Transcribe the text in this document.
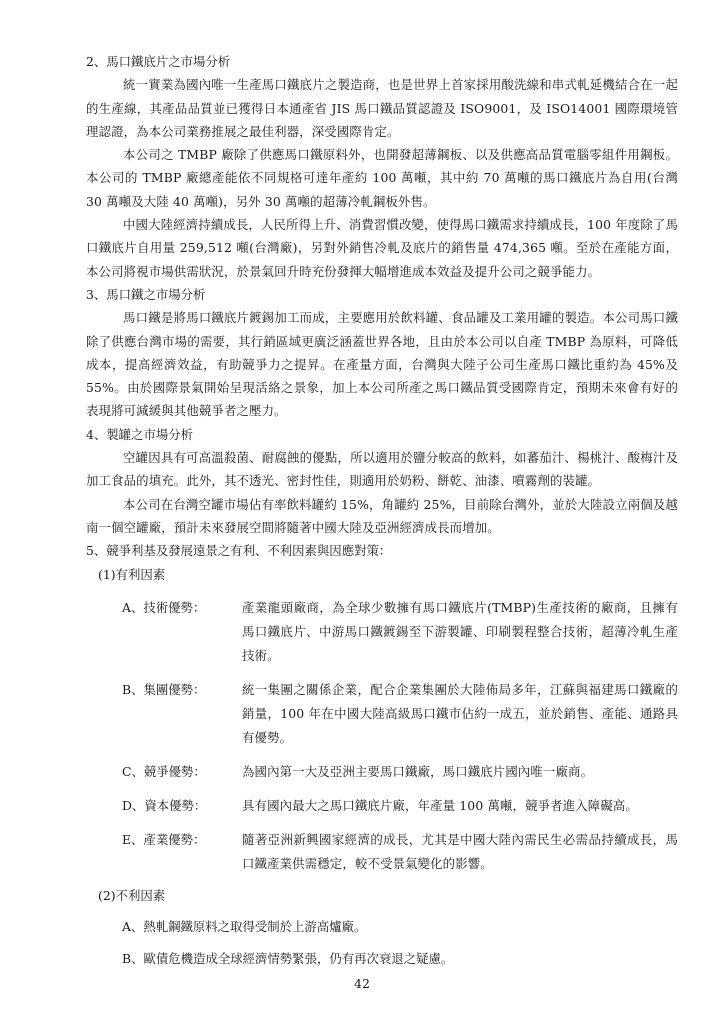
2、馬口鐵底片之市場分析

統一實業為國內唯一生產馬口鐵底片之製造商，也是世界上首家採用酸洗線和串式軋延機結合在一起的生產線，其產品品質並已獲得日本通產省 JIS 馬口鐵品質認證及 ISO9001，及 ISO14001 國際環境管理認證，為本公司業務推展之最佳利器，深受國際肯定。

本公司之 TMBP 廠除了供應馬口鐵原料外，也開發超薄鋼板、以及供應高品質電腦零組件用鋼板。本公司的 TMBP 廠總產能依不同規格可達年產約 100 萬噸，其中約 70 萬噸的馬口鐵底片為自用(台灣 30 萬噸及大陸 40 萬噸)，另外 30 萬噸的超薄冷軋鋼板外售。

中國大陸經濟持續成長，人民所得上升、消費習慣改變，使得馬口鐵需求持續成長，100 年度除了馬口鐵底片自用量 259,512 噸(台灣廠)，另對外銷售冷軋及底片的銷售量 474,365 噸。至於在產能方面，本公司將視市場供需狀況，於景氣回升時充份發揮大幅增進成本效益及提升公司之競爭能力。

3、馬口鐵之市場分析

馬口鐵是將馬口鐵底片鍍錫加工而成，主要應用於飲料罐、食品罐及工業用罐的製造。本公司馬口鐵除了供應台灣市場的需要，其行銷區域更廣泛涵蓋世界各地，且由於本公司以自產 TMBP 為原料，可降低成本，提高經濟效益，有助競爭力之提昇。在產量方面，台灣與大陸子公司生產馬口鐵比重約為 45%及 55%。由於國際景氣開始呈現活絡之景象，加上本公司所產之馬口鐵品質受國際肯定，預期未來會有好的表現將可減緩與其他競爭者之壓力。

4、製罐之市場分析

空罐因具有可高溫殺菌、耐腐蝕的優點，所以適用於鹽分較高的飲料，如蕃茄汁、楊桃汁、酸梅汁及加工食品的填充。此外，其不透光、密封性佳，則適用於奶粉、餅乾、油漆、噴霧劑的裝罐。

本公司在台灣空罐市場佔有率飲料罐約 15%，角罐約 25%，目前除台灣外，並於大陸設立兩個及越南一個空罐廠，預計未來發展空間將隨著中國大陸及亞洲經濟成長而增加。

5、競爭利基及發展遠景之有利、不利因素與因應對策：

(1)有利因素

A、技術優勢：	產業龍頭廠商，為全球少數擁有馬口鐵底片(TMBP)生產技術的廠商，且擁有馬口鐵底片、中游馬口鐵鍍錫至下游製罐、印刷製程整合技術，超薄冷軋生產技術。
B、集團優勢：	統一集團之關係企業，配合企業集團於大陸佈局多年，江蘇與福建馬口鐵廠的銷量，100 年在中國大陸高級馬口鐵市佔約一成五，並於銷售、產能、通路具有優勢。
C、競爭優勢：	為國內第一大及亞洲主要馬口鐵廠，馬口鐵底片國內唯一廠商。
D、資本優勢：	具有國內最大之馬口鐵底片廠，年產量 100 萬噸，競爭者進入障礙高。
E、產業優勢：	隨著亞洲新興國家經濟的成長，尤其是中國大陸內需民生必需品持續成長，馬口鐵產業供需穩定，較不受景氣變化的影響。

(2)不利因素

A、熱軋鋼鐵原料之取得受制於上游高爐廠。

B、歐債危機造成全球經濟情勢緊張，仍有再次衰退之疑慮。

42
